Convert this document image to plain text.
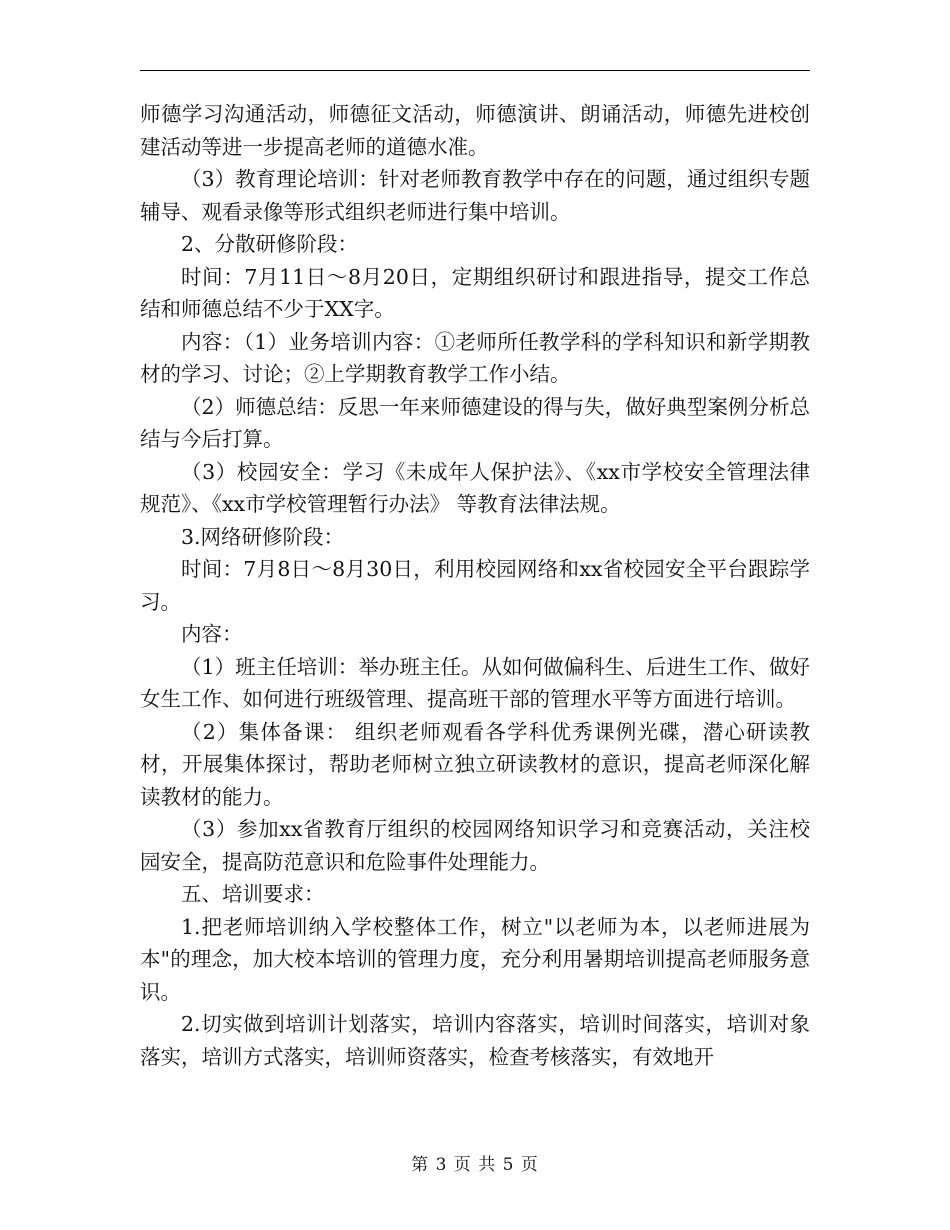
师德学习沟通活动，师德征文活动，师德演讲、朗诵活动，师德先进校创建活动等进一步提高老师的道德水准。

（3）教育理论培训：针对老师教育教学中存在的问题，通过组织专题辅导、观看录像等形式组织老师进行集中培训。

2、分散研修阶段：

时间：7月11日～8月20日，定期组织研讨和跟进指导，提交工作总结和师德总结不少于XX字。

内容：（1）业务培训内容：①老师所任教学科的学科知识和新学期教材的学习、讨论；②上学期教育教学工作小结。

（2）师德总结：反思一年来师德建设的得与失，做好典型案例分析总结与今后打算。

（3）校园安全：学习《未成年人保护法》、《xx市学校安全管理法律规范》、《xx市学校管理暂行办法》 等教育法律法规。

3.网络研修阶段：

时间：7月8日～8月30日，利用校园网络和xx省校园安全平台跟踪学习。

内容：

（1）班主任培训：举办班主任。从如何做偏科生、后进生工作、做好女生工作、如何进行班级管理、提高班干部的管理水平等方面进行培训。

（2）集体备课： 组织老师观看各学科优秀课例光碟，潜心研读教材，开展集体探讨，帮助老师树立独立研读教材的意识，提高老师深化解读教材的能力。

（3）参加xx省教育厅组织的校园网络知识学习和竞赛活动，关注校园安全，提高防范意识和危险事件处理能力。

五、培训要求：

1.把老师培训纳入学校整体工作，树立"以老师为本，以老师进展为本"的理念，加大校本培训的管理力度，充分利用暑期培训提高老师服务意识。

2.切实做到培训计划落实，培训内容落实，培训时间落实，培训对象落实，培训方式落实，培训师资落实，检查考核落实，有效地开

第 3 页 共 5 页
